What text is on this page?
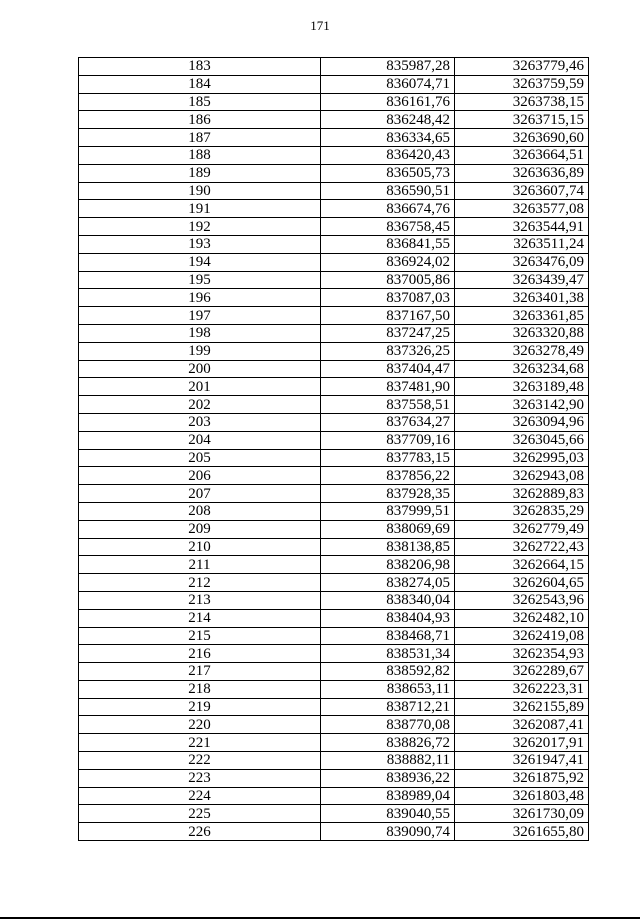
171
183	835987,28	3263779,46
184	836074,71	3263759,59
185	836161,76	3263738,15
186	836248,42	3263715,15
187	836334,65	3263690,60
188	836420,43	3263664,51
189	836505,73	3263636,89
190	836590,51	3263607,74
191	836674,76	3263577,08
192	836758,45	3263544,91
193	836841,55	3263511,24
194	836924,02	3263476,09
195	837005,86	3263439,47
196	837087,03	3263401,38
197	837167,50	3263361,85
198	837247,25	3263320,88
199	837326,25	3263278,49
200	837404,47	3263234,68
201	837481,90	3263189,48
202	837558,51	3263142,90
203	837634,27	3263094,96
204	837709,16	3263045,66
205	837783,15	3262995,03
206	837856,22	3262943,08
207	837928,35	3262889,83
208	837999,51	3262835,29
209	838069,69	3262779,49
210	838138,85	3262722,43
211	838206,98	3262664,15
212	838274,05	3262604,65
213	838340,04	3262543,96
214	838404,93	3262482,10
215	838468,71	3262419,08
216	838531,34	3262354,93
217	838592,82	3262289,67
218	838653,11	3262223,31
219	838712,21	3262155,89
220	838770,08	3262087,41
221	838826,72	3262017,91
222	838882,11	3261947,41
223	838936,22	3261875,92
224	838989,04	3261803,48
225	839040,55	3261730,09
226	839090,74	3261655,80
